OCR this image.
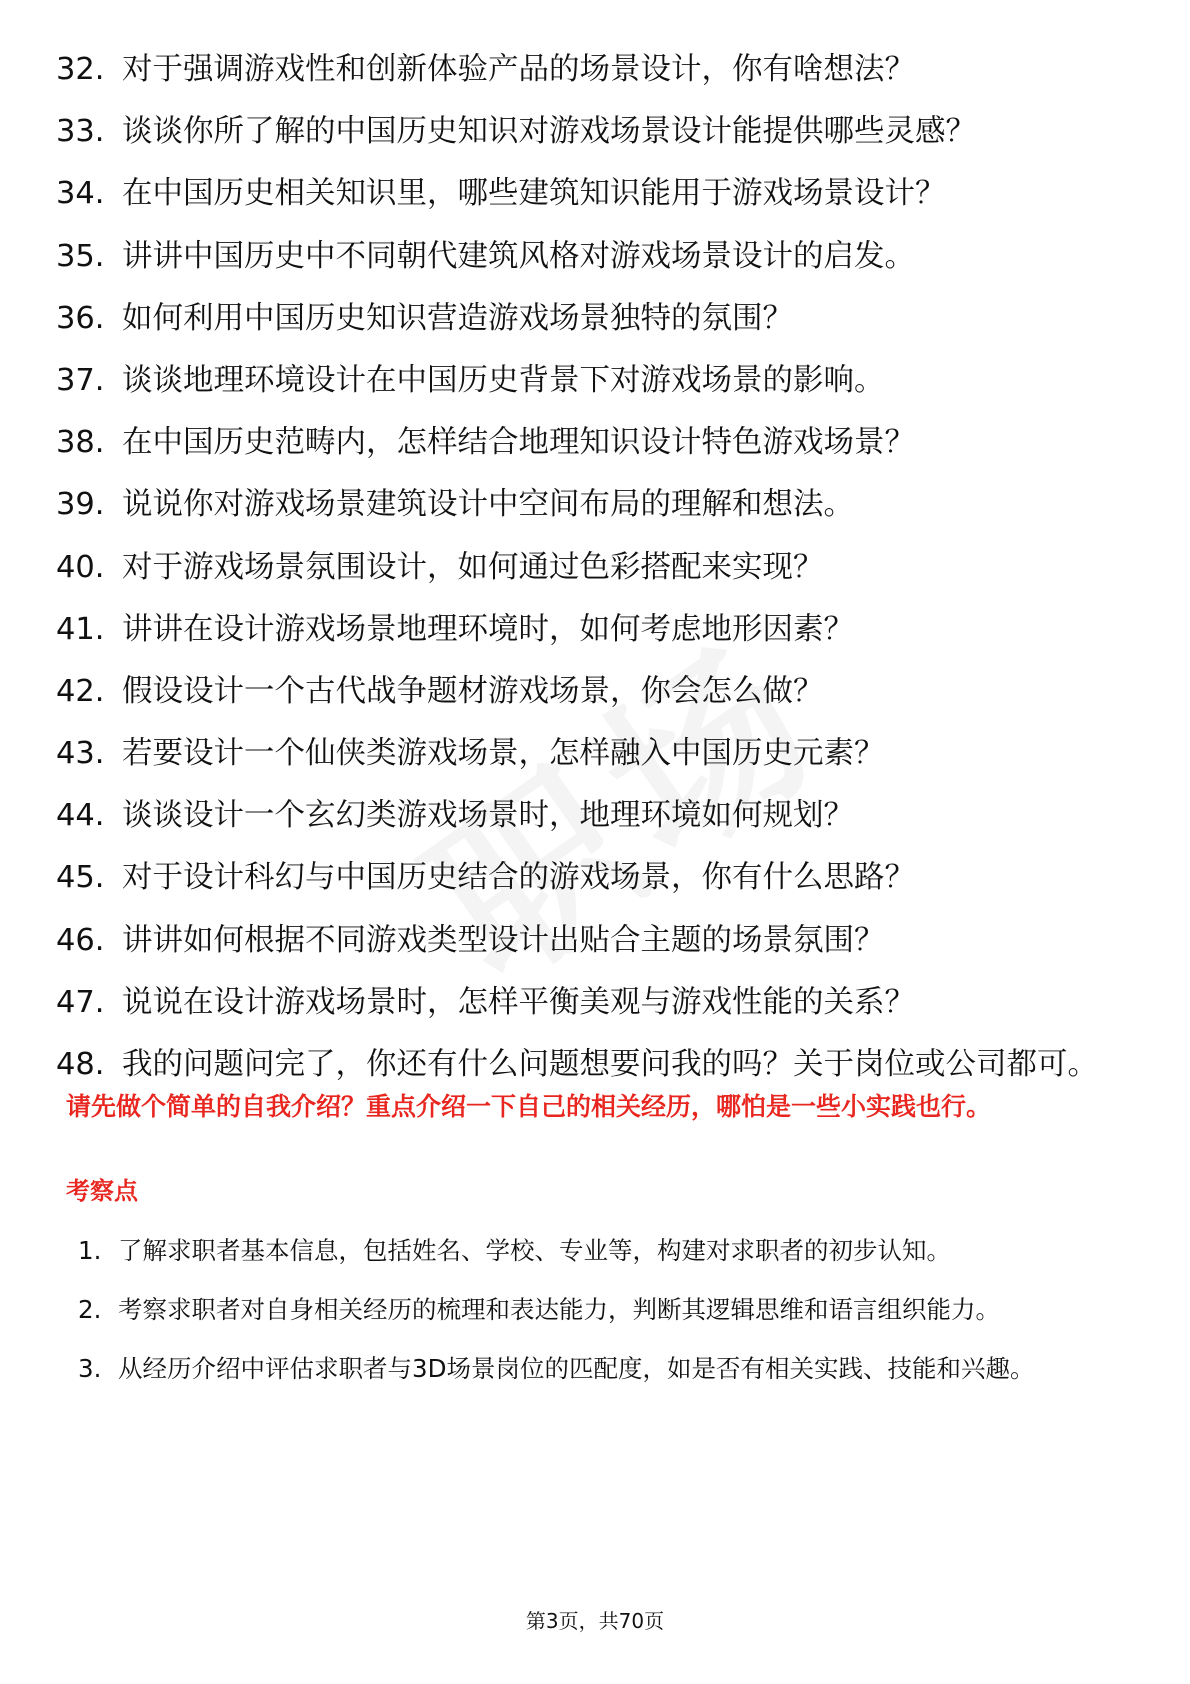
32. 对于强调游戏性和创新体验产品的场景设计，你有啥想法？
33. 谈谈你所了解的中国历史知识对游戏场景设计能提供哪些灵感？
34. 在中国历史相关知识里，哪些建筑知识能用于游戏场景设计？
35. 讲讲中国历史中不同朝代建筑风格对游戏场景设计的启发。
36. 如何利用中国历史知识营造游戏场景独特的氛围？
37. 谈谈地理环境设计在中国历史背景下对游戏场景的影响。
38. 在中国历史范畴内，怎样结合地理知识设计特色游戏场景？
39. 说说你对游戏场景建筑设计中空间布局的理解和想法。
40. 对于游戏场景氛围设计，如何通过色彩搭配来实现？
41. 讲讲在设计游戏场景地理环境时，如何考虑地形因素？
42. 假设设计一个古代战争题材游戏场景，你会怎么做？
43. 若要设计一个仙侠类游戏场景，怎样融入中国历史元素？
44. 谈谈设计一个玄幻类游戏场景时，地理环境如何规划？
45. 对于设计科幻与中国历史结合的游戏场景，你有什么思路？
46. 讲讲如何根据不同游戏类型设计出贴合主题的场景氛围？
47. 说说在设计游戏场景时，怎样平衡美观与游戏性能的关系？
48. 我的问题问完了，你还有什么问题想要问我的吗？关于岗位或公司都可。
请先做个简单的自我介绍？重点介绍一下自己的相关经历，哪怕是一些小实践也行。
考察点
1. 了解求职者基本信息，包括姓名、学校、专业等，构建对求职者的初步认知。
2. 考察求职者对自身相关经历的梳理和表达能力，判断其逻辑思维和语言组织能力。
3. 从经历介绍中评估求职者与3D场景岗位的匹配度，如是否有相关实践、技能和兴趣。
第3页，共70页
